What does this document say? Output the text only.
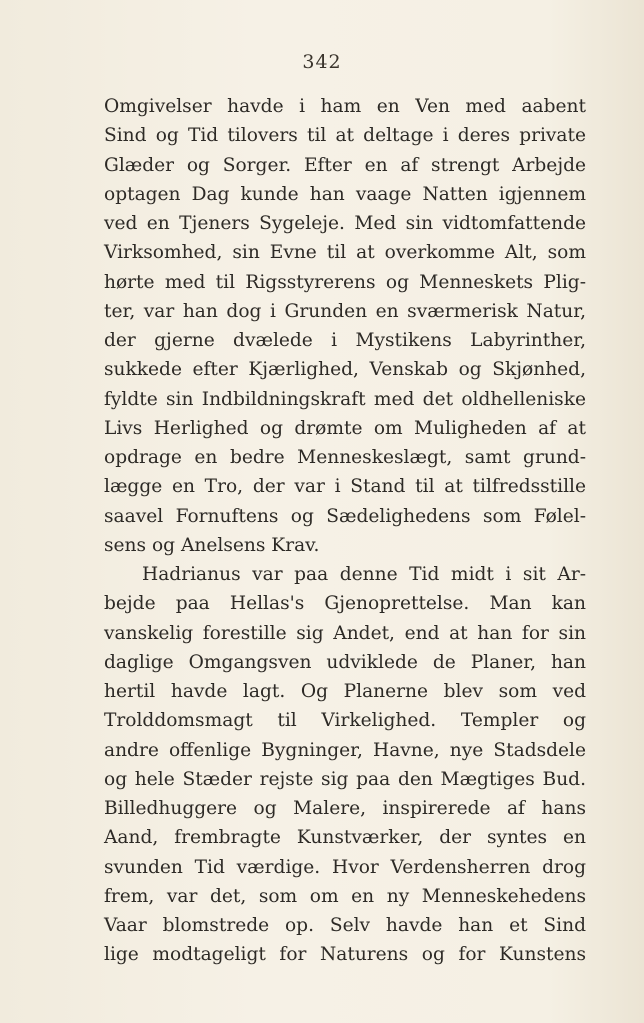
342
Omgivelser havde i ham en Ven med aabent
Sind og Tid tilovers til at deltage i deres private
Glæder og Sorger. Efter en af strengt Arbejde
optagen Dag kunde han vaage Natten igjennem
ved en Tjeners Sygeleje. Med sin vidtomfattende
Virksomhed, sin Evne til at overkomme Alt, som
hørte med til Rigsstyrerens og Menneskets Plig-
ter, var han dog i Grunden en sværmerisk Natur,
der gjerne dvælede i Mystikens Labyrinther,
sukkede efter Kjærlighed, Venskab og Skjønhed,
fyldte sin Indbildningskraft med det oldhelleniske
Livs Herlighed og drømte om Muligheden af at
opdrage en bedre Menneskeslægt, samt grund-
lægge en Tro, der var i Stand til at tilfredsstille
saavel Fornuftens og Sædelighedens som Følel-
sens og Anelsens Krav.
Hadrianus var paa denne Tid midt i sit Ar-
bejde paa Hellas's Gjenoprettelse. Man kan
vanskelig forestille sig Andet, end at han for sin
daglige Omgangsven udviklede de Planer, han
hertil havde lagt. Og Planerne blev som ved
Trolddomsmagt til Virkelighed. Templer og
andre offenlige Bygninger, Havne, nye Stadsdele
og hele Stæder rejste sig paa den Mægtiges Bud.
Billedhuggere og Malere, inspirerede af hans
Aand, frembragte Kunstværker, der syntes en
svunden Tid værdige. Hvor Verdensherren drog
frem, var det, som om en ny Menneskehedens
Vaar blomstrede op. Selv havde han et Sind
lige modtageligt for Naturens og for Kunstens
